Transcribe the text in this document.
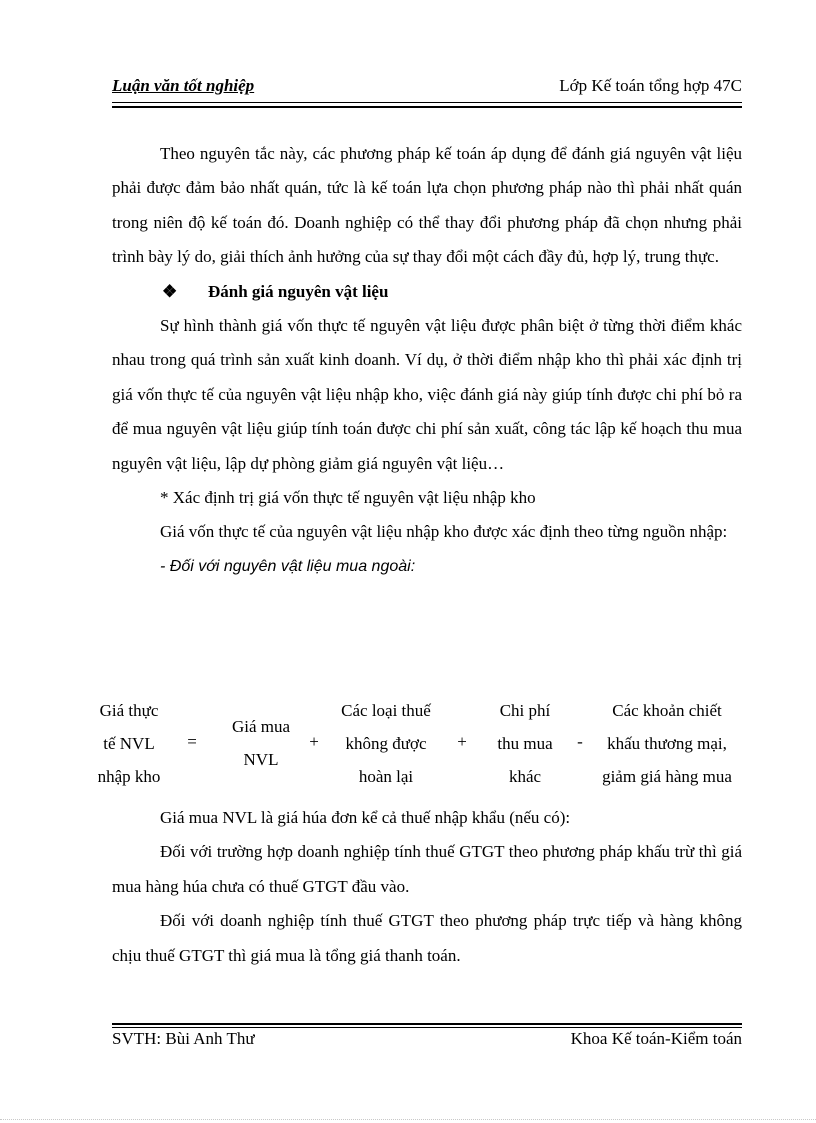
Luận văn tốt nghiệp	Lớp Kế toán tổng hợp 47C

Theo nguyên tắc này, các phương pháp kế toán áp dụng để đánh giá nguyên vật liệu phải được đảm bảo nhất quán, tức là kế toán lựa chọn phương pháp nào thì phải nhất quán trong niên độ kế toán đó. Doanh nghiệp có thể thay đổi phương pháp đã chọn nhưng phải trình bày lý do, giải thích ảnh hưởng của sự thay đổi một cách đầy đủ, hợp lý, trung thực.

❖ Đánh giá nguyên vật liệu

Sự hình thành giá vốn thực tế nguyên vật liệu được phân biệt ở từng thời điểm khác nhau trong quá trình sản xuất kinh doanh. Ví dụ, ở thời điểm nhập kho thì phải xác định trị giá vốn thực tế của nguyên vật liệu nhập kho, việc đánh giá này giúp tính được chi phí bỏ ra để mua nguyên vật liệu giúp tính toán được chi phí sản xuất, công tác lập kế hoạch thu mua nguyên vật liệu, lập dự phòng giảm giá nguyên vật liệu…

* Xác định trị giá vốn thực tế nguyên vật liệu nhập kho

Giá vốn thực tế của nguyên vật liệu nhập kho được xác định theo từng nguồn nhập:

- Đối với nguyên vật liệu mua ngoài:

Giá thực
tế NVL
nhập kho
=
Giá mua
NVL
+
Các loại thuế
không được
hoàn lại
+
Chi phí
thu mua
khác
-
Các khoản chiết
khấu thương mại,
giảm giá hàng mua

Giá mua NVL là giá húa đơn kể cả thuế nhập khẩu (nếu có):

Đối với trường hợp doanh nghiệp tính thuế GTGT theo phương pháp khấu trừ thì giá mua hàng húa chưa có thuế GTGT đầu vào.

Đối với doanh nghiệp tính thuế GTGT theo phương pháp trực tiếp và hàng không chịu thuế GTGT thì giá mua là tổng giá thanh toán.

SVTH: Bùi Anh Thư	Khoa Kế toán-Kiểm toán
